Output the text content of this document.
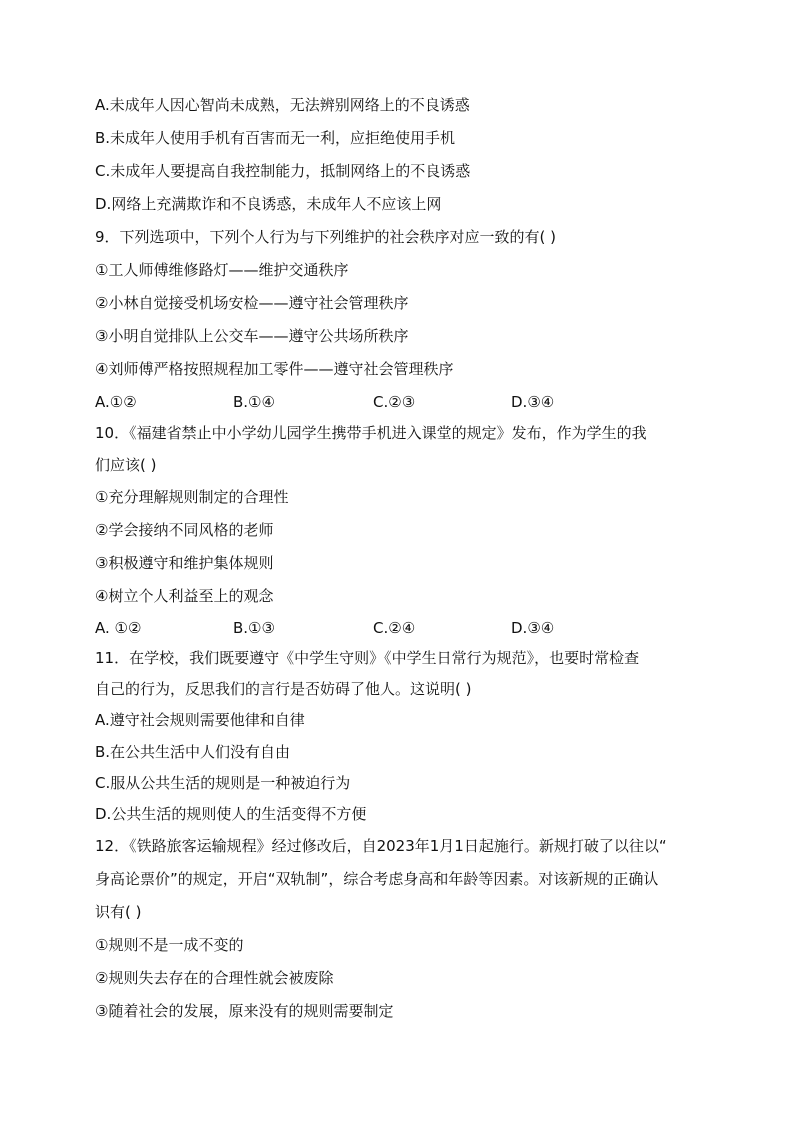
A.未成年人因心智尚未成熟，无法辨别网络上的不良诱惑
B.未成年人使用手机有百害而无一利，应拒绝使用手机
C.未成年人要提高自我控制能力，抵制网络上的不良诱惑
D.网络上充满欺诈和不良诱惑，未成年人不应该上网
9．下列选项中，下列个人行为与下列维护的社会秩序对应一致的有( )
①工人师傅维修路灯——维护交通秩序
②小林自觉接受机场安检——遵守社会管理秩序
③小明自觉排队上公交车——遵守公共场所秩序
④刘师傅严格按照规程加工零件——遵守社会管理秩序
A.①②	B.①④	C.②③	D.③④
10．《福建省禁止中小学幼儿园学生携带手机进入课堂的规定》发布，作为学生的我
们应该( )
①充分理解规则制定的合理性
②学会接纳不同风格的老师
③积极遵守和维护集体规则
④树立个人利益至上的观念
A. ①②	B.①③	C.②④	D.③④
11．在学校，我们既要遵守《中学生守则》《中学生日常行为规范》，也要时常检查
自己的行为，反思我们的言行是否妨碍了他人。这说明( )
A.遵守社会规则需要他律和自律
B.在公共生活中人们没有自由
C.服从公共生活的规则是一种被迫行为
D.公共生活的规则使人的生活变得不方便
12．《铁路旅客运输规程》经过修改后，自2023年1月1日起施行。新规打破了以往以“
身高论票价”的规定，开启“双轨制”，综合考虑身高和年龄等因素。对该新规的正确认
识有( )
①规则不是一成不变的
②规则失去存在的合理性就会被废除
③随着社会的发展，原来没有的规则需要制定
